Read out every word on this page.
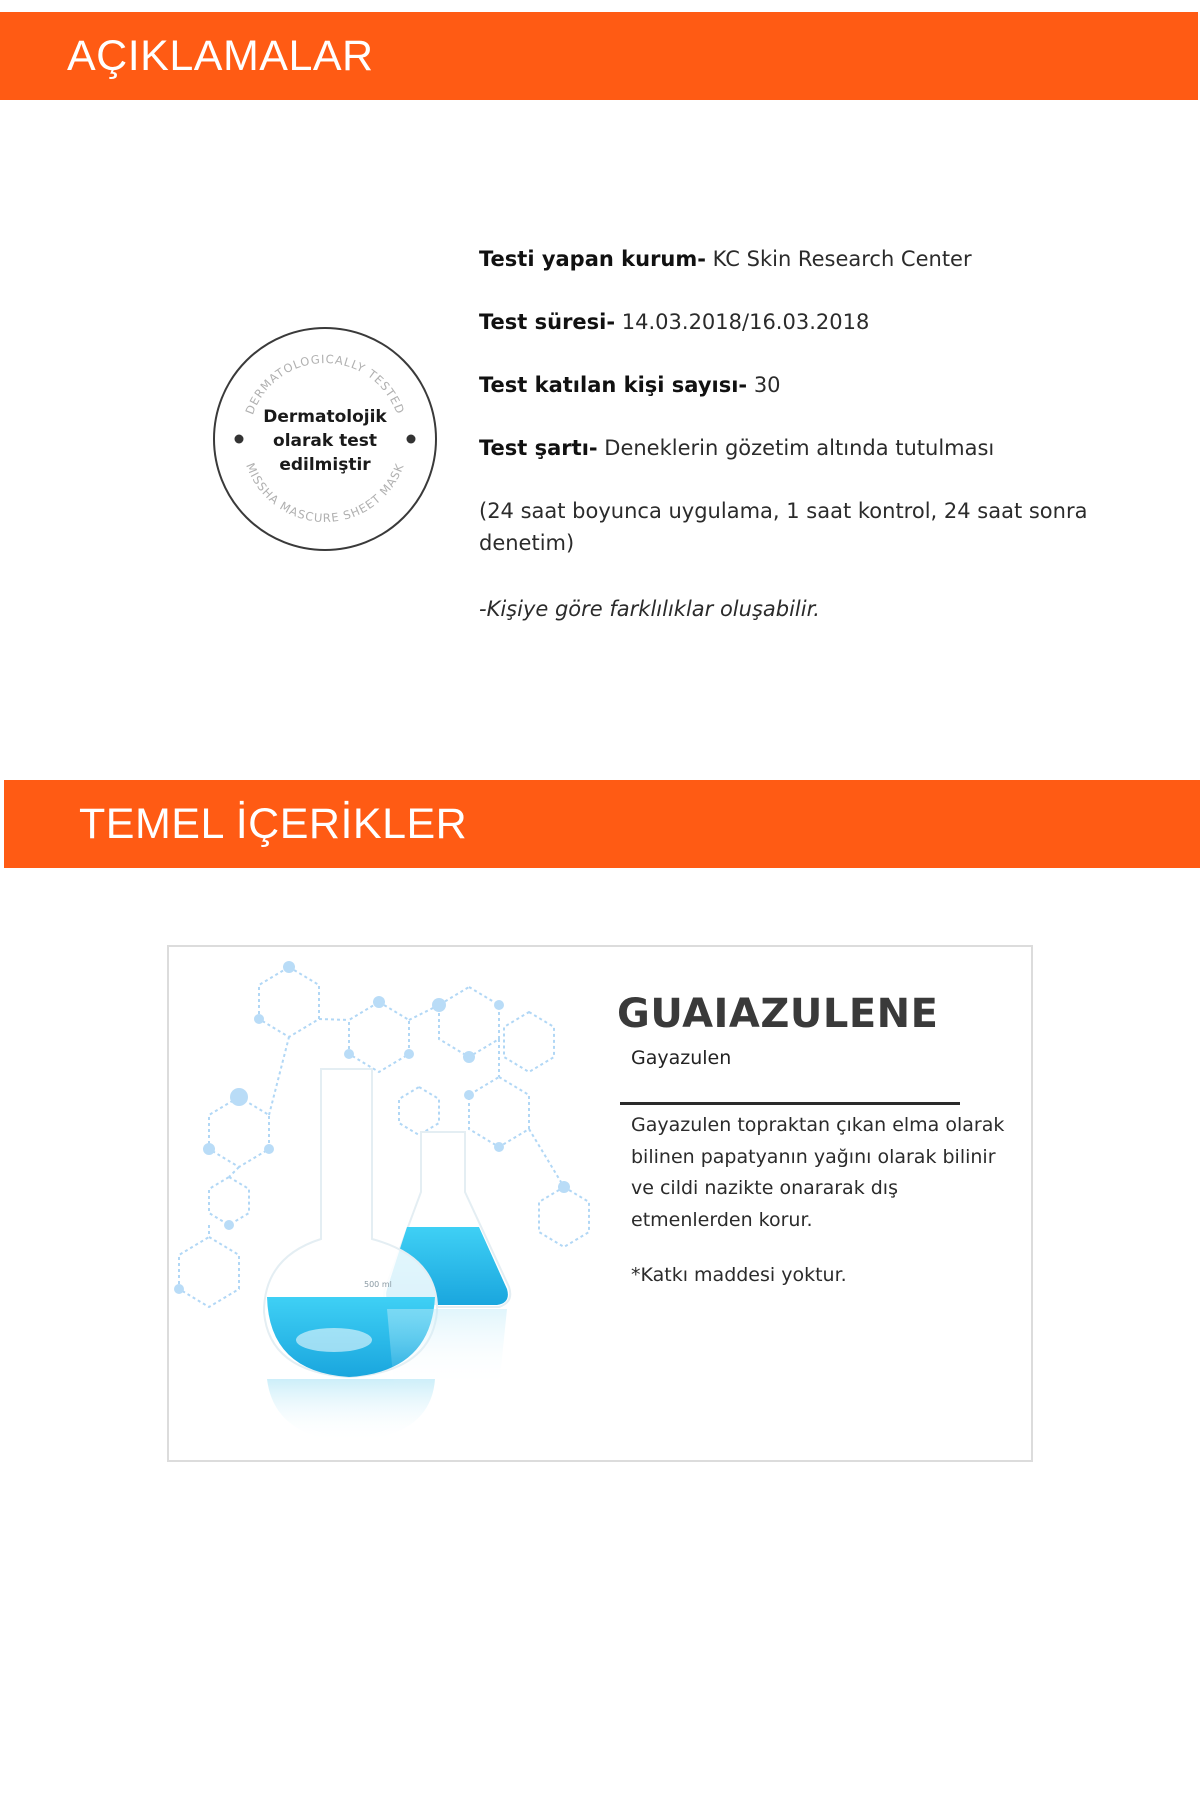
AÇIKLAMALAR
DERMATOLOGICALLY TESTED
MISSHA MASCURE SHEET MASK
Dermatolojik
olarak test
edilmiştir
Testi yapan kurum- KC Skin Research Center
Test süresi- 14.03.2018/16.03.2018
Test katılan kişi sayısı- 30
Test şartı- Deneklerin gözetim altında tutulması
(24 saat boyunca uygulama, 1 saat kontrol, 24 saat sonra denetim)
-Kişiye göre farklılıklar oluşabilir.
TEMEL İÇERİKLER
500 ml
GUAIAZULENE
Gayazulen
Gayazulen topraktan çıkan elma olarak bilinen papatyanın yağını olarak bilinir ve cildi nazikte onararak dış etmenlerden korur.
*Katkı maddesi yoktur.
